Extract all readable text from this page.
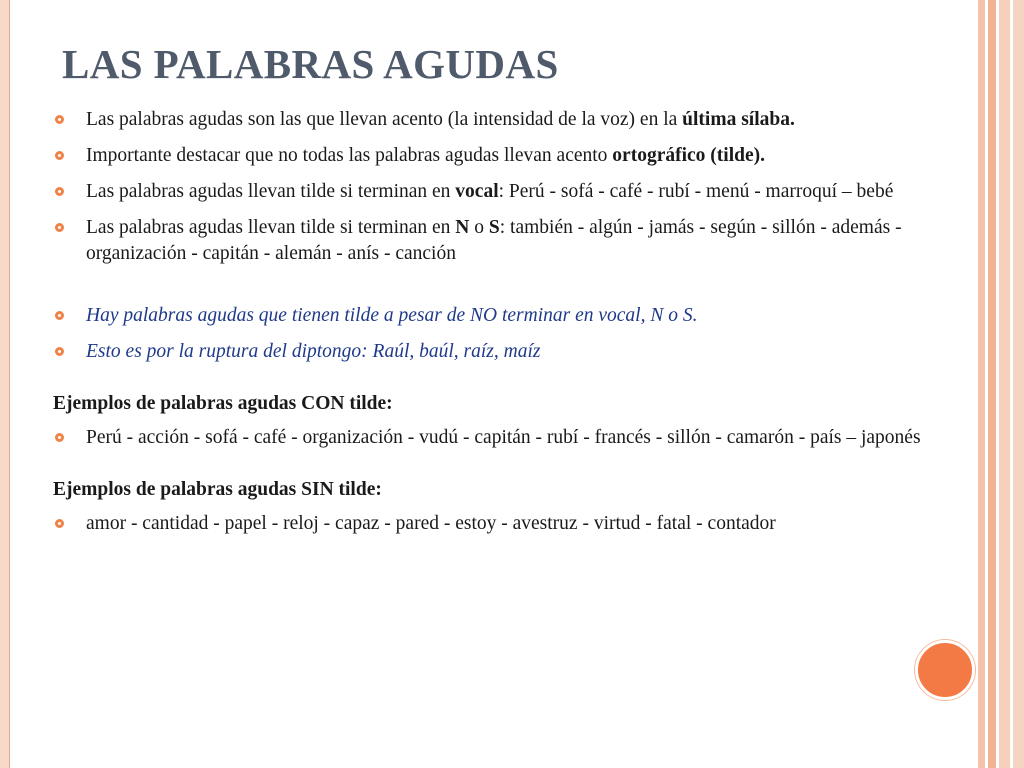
LAS PALABRAS AGUDAS
Las palabras agudas son las que llevan acento (la intensidad de la voz) en la última sílaba.
Importante destacar que no todas las palabras agudas llevan acento ortográfico (tilde).
Las palabras agudas llevan tilde si terminan en vocal: Perú - sofá - café - rubí - menú - marroquí – bebé
Las palabras agudas llevan tilde si terminan en N o S: también - algún - jamás - según - sillón - además - organización - capitán - alemán - anís - canción
Hay palabras agudas que tienen tilde a pesar de NO terminar en vocal, N o S.
Esto es por la ruptura del diptongo: Raúl, baúl, raíz, maíz

Ejemplos de palabras agudas CON tilde:

Perú - acción - sofá - café - organización - vudú - capitán - rubí - francés - sillón - camarón - país – japonés

Ejemplos de palabras agudas SIN tilde:

amor - cantidad - papel - reloj - capaz - pared - estoy - avestruz - virtud - fatal - contador
